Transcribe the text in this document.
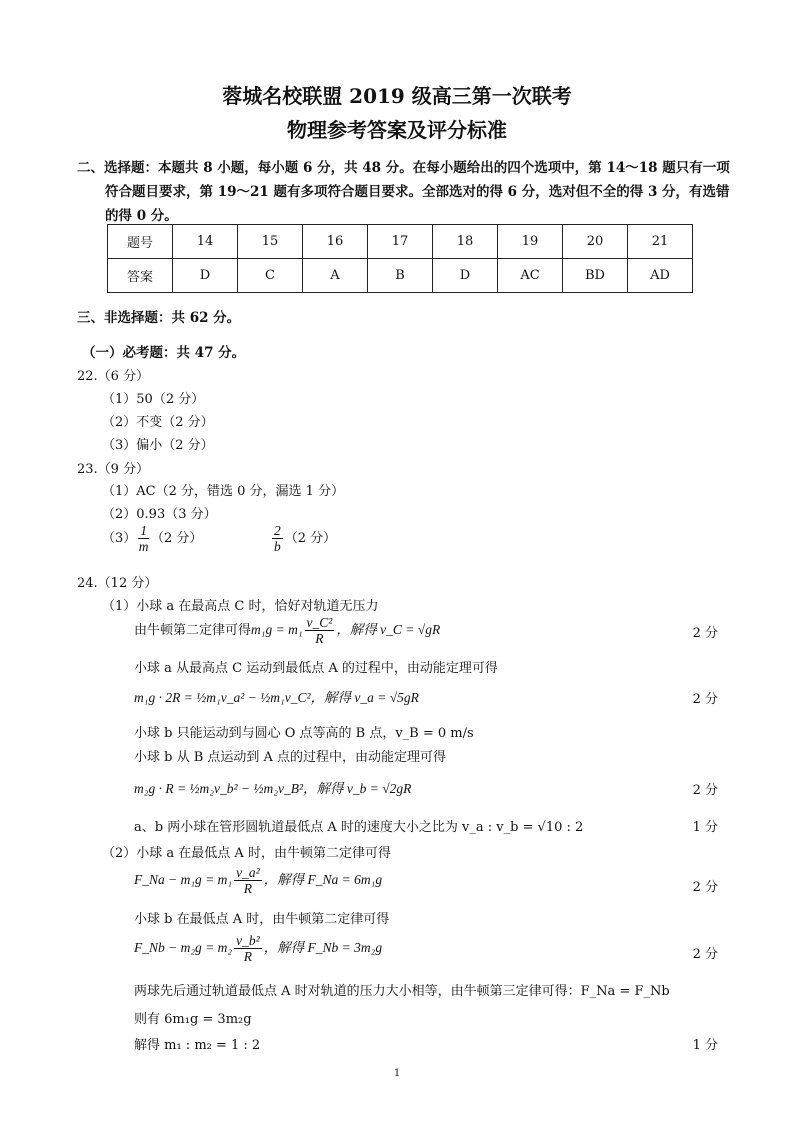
蓉城名校联盟 2019 级高三第一次联考
物理参考答案及评分标准
二、选择题：本题共 8 小题，每小题 6 分，共 48 分。在每小题给出的四个选项中，第 14～18 题只有一项
符合题目要求，第 19～21 题有多项符合题目要求。全部选对的得 6 分，选对但不全的得 3 分，有选错
的得 0 分。
题号	14	15	16	17	18	19	20	21
答案	D	C	A	B	D	AC	BD	AD
三、非选择题：共 62 分。
（一）必考题：共 47 分。
22.（6 分）
（1）50（2 分）
（2）不变（2 分）
（3）偏小（2 分）
23.（9 分）
（1）AC（2 分，错选 0 分，漏选 1 分）
（2）0.93（3 分）
$(3) \frac{1}{m} (2$ 分）	$\frac{2}{b} (2$ 分）
24.（12 分）
（1）小球 a 在最高点 C 时，恰好对轨道无压力
由牛顿第二定律可得$m_1g = m_1 \frac{\text{v\_C²}}{R}$ ，解得 v_C = √gR	2 分
小球 a 从最高点 C 运动到最低点 A 的过程中，由动能定理可得
m₁g · 2R = ½m₁v_a² − ½m₁v_C²，解得 v_a = √5gR	2 分
小球 b 只能运动到与圆心 O 点等高的 B 点，v_B = 0 m/s
小球 b 从 B 点运动到 A 点的过程中，由动能定理可得
m₂g · R = ½m₂v_b² − ½m₂v_B²，解得 v_b = √2gR	2 分
a、b 两小球在管形圆轨道最低点 A 时的速度大小之比为 v_a : v_b = √10 : 2	1 分
（2）小球 a 在最低点 A 时，由牛顿第二定律可得
F_Na − $m_1g = m_1 \frac{\text{v\_a²}}{R}$ ，解得 F_Na = 6m₁g
2 分
小球 b 在最低点 A 时，由牛顿第二定律可得
F_Nb − $m_2g = m_2 \frac{\text{v\_b²}}{R}$ ，解得 F_Nb = 3m₂g	2 分
两球先后通过轨道最低点 A 时对轨道的压力大小相等，由牛顿第三定律可得：F_Na = F_Nb
则有 6m₁g = 3m₂g
解得 m₁ : m₂ = 1 : 2	1 分
1
